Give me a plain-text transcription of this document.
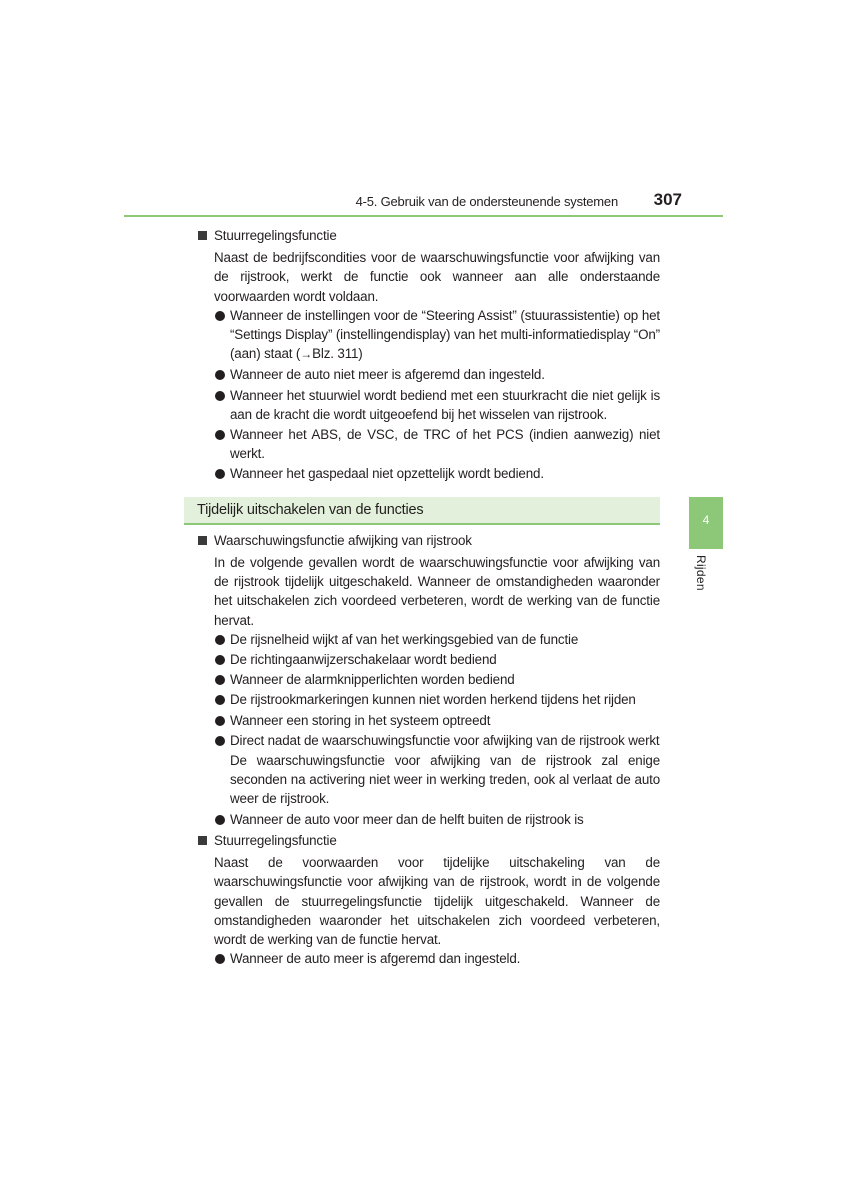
4-5. Gebruik van de ondersteunende systemen	307
4
Rijden
Stuurregelingsfunctie
Naast de bedrijfscondities voor de waarschuwingsfunctie voor afwijking van de rijstrook, werkt de functie ook wanneer aan alle onderstaande voorwaarden wordt voldaan.
Wanneer de instellingen voor de “Steering Assist” (stuurassistentie) op het “Settings Display” (instellingendisplay) van het multi-informatiedisplay “On” (aan) staat (→Blz. 311)
Wanneer de auto niet meer is afgeremd dan ingesteld.
Wanneer het stuurwiel wordt bediend met een stuurkracht die niet gelijk is aan de kracht die wordt uitgeoefend bij het wisselen van rijstrook.
Wanneer het ABS, de VSC, de TRC of het PCS (indien aanwezig) niet werkt.
Wanneer het gaspedaal niet opzettelijk wordt bediend.
Tijdelijk uitschakelen van de functies
Waarschuwingsfunctie afwijking van rijstrook
In de volgende gevallen wordt de waarschuwingsfunctie voor afwijking van de rijstrook tijdelijk uitgeschakeld. Wanneer de omstandigheden waaronder het uitschakelen zich voordeed verbeteren, wordt de werking van de functie hervat.
De rijsnelheid wijkt af van het werkingsgebied van de functie
De richtingaanwijzerschakelaar wordt bediend
Wanneer de alarmknipperlichten worden bediend
De rijstrookmarkeringen kunnen niet worden herkend tijdens het rijden
Wanneer een storing in het systeem optreedt
Direct nadat de waarschuwingsfunctie voor afwijking van de rijstrook werkt
De waarschuwingsfunctie voor afwijking van de rijstrook zal enige seconden na activering niet weer in werking treden, ook al verlaat de auto weer de rijstrook.
Wanneer de auto voor meer dan de helft buiten de rijstrook is
Stuurregelingsfunctie
Naast de voorwaarden voor tijdelijke uitschakeling van de waarschuwingsfunctie voor afwijking van de rijstrook, wordt in de volgende gevallen de stuurregelingsfunctie tijdelijk uitgeschakeld. Wanneer de omstandigheden waaronder het uitschakelen zich voordeed verbeteren, wordt de werking van de functie hervat.
Wanneer de auto meer is afgeremd dan ingesteld.
